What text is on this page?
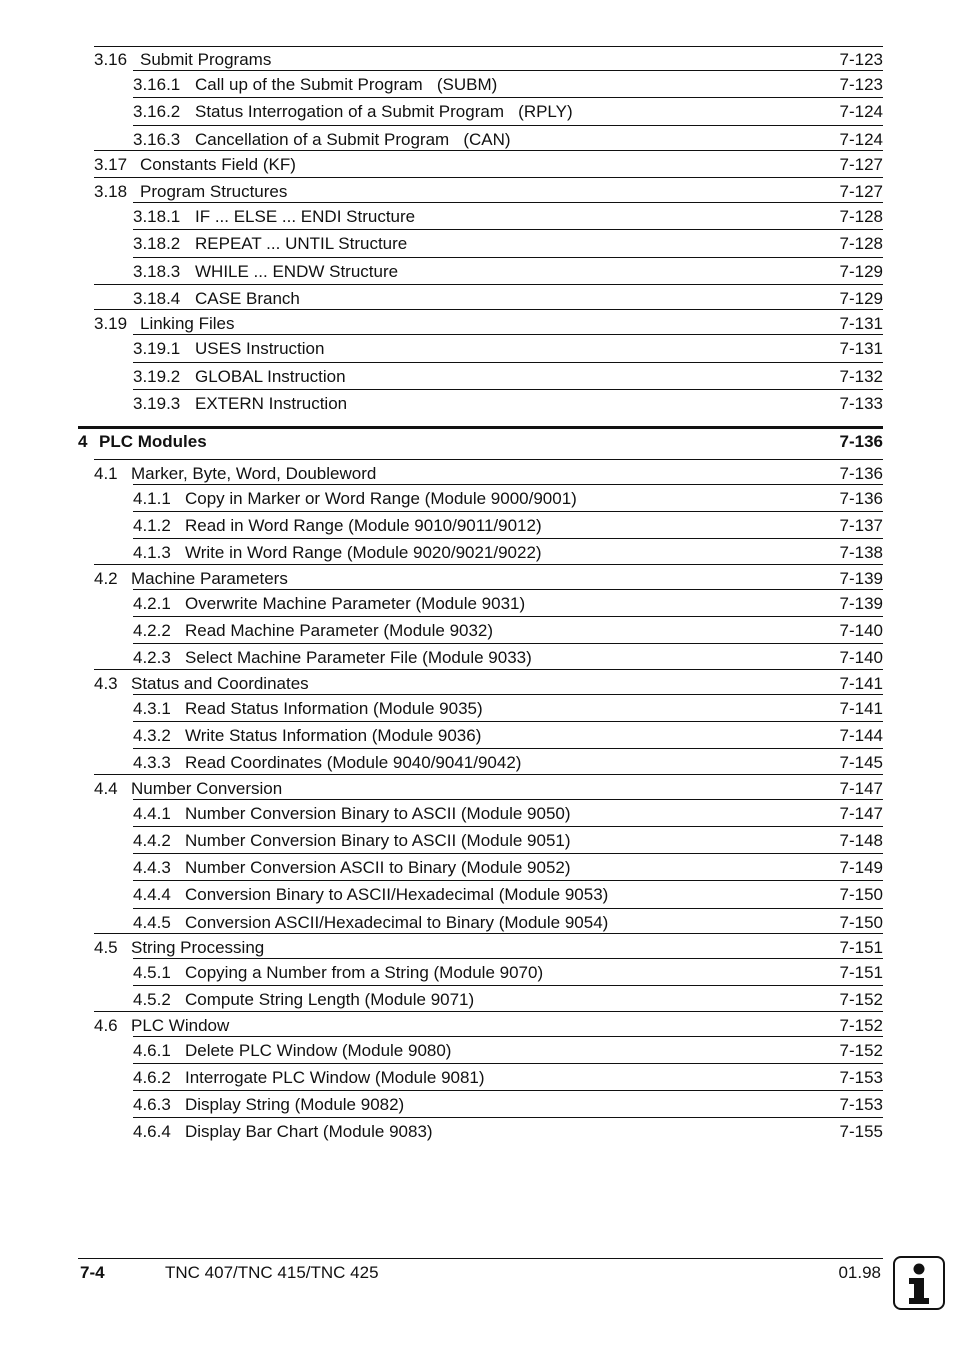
3.16 Submit Programs	7-123
3.16.1 Call up of the Submit Program   (SUBM)	7-123
3.16.2 Status Interrogation of a Submit Program   (RPLY)	7-124
3.16.3 Cancellation of a Submit Program   (CAN)	7-124
3.17 Constants Field (KF)	7-127
3.18 Program Structures	7-127
3.18.1 IF ... ELSE ... ENDI Structure	7-128
3.18.2 REPEAT ... UNTIL Structure	7-128
3.18.3 WHILE ... ENDW Structure	7-129
3.18.4 CASE Branch	7-129
3.19 Linking Files	7-131
3.19.1 USES Instruction	7-131
3.19.2 GLOBAL Instruction	7-132
3.19.3 EXTERN Instruction	7-133
4 PLC Modules	7-136
4.1 Marker, Byte, Word, Doubleword	7-136
4.1.1 Copy in Marker or Word Range (Module 9000/9001)	7-136
4.1.2 Read in Word Range (Module 9010/9011/9012)	7-137
4.1.3 Write in Word Range (Module 9020/9021/9022)	7-138
4.2 Machine Parameters	7-139
4.2.1 Overwrite Machine Parameter (Module 9031)	7-139
4.2.2 Read Machine Parameter (Module 9032)	7-140
4.2.3 Select Machine Parameter File (Module 9033)	7-140
4.3 Status and Coordinates	7-141
4.3.1 Read Status Information (Module 9035)	7-141
4.3.2 Write Status Information (Module 9036)	7-144
4.3.3 Read Coordinates (Module 9040/9041/9042)	7-145
4.4 Number Conversion	7-147
4.4.1 Number Conversion Binary to ASCII (Module 9050)	7-147
4.4.2 Number Conversion Binary to ASCII (Module 9051)	7-148
4.4.3 Number Conversion ASCII to Binary (Module 9052)	7-149
4.4.4 Conversion Binary to ASCII/Hexadecimal (Module 9053)	7-150
4.4.5 Conversion ASCII/Hexadecimal to Binary (Module 9054)	7-150
4.5 String Processing	7-151
4.5.1 Copying a Number from a String (Module 9070)	7-151
4.5.2 Compute String Length (Module 9071)	7-152
4.6 PLC Window	7-152
4.6.1 Delete PLC Window (Module 9080)	7-152
4.6.2 Interrogate PLC Window (Module 9081)	7-153
4.6.3 Display String (Module 9082)	7-153
4.6.4 Display Bar Chart (Module 9083)	7-155
7-4	TNC 407/TNC 415/TNC 425	01.98
